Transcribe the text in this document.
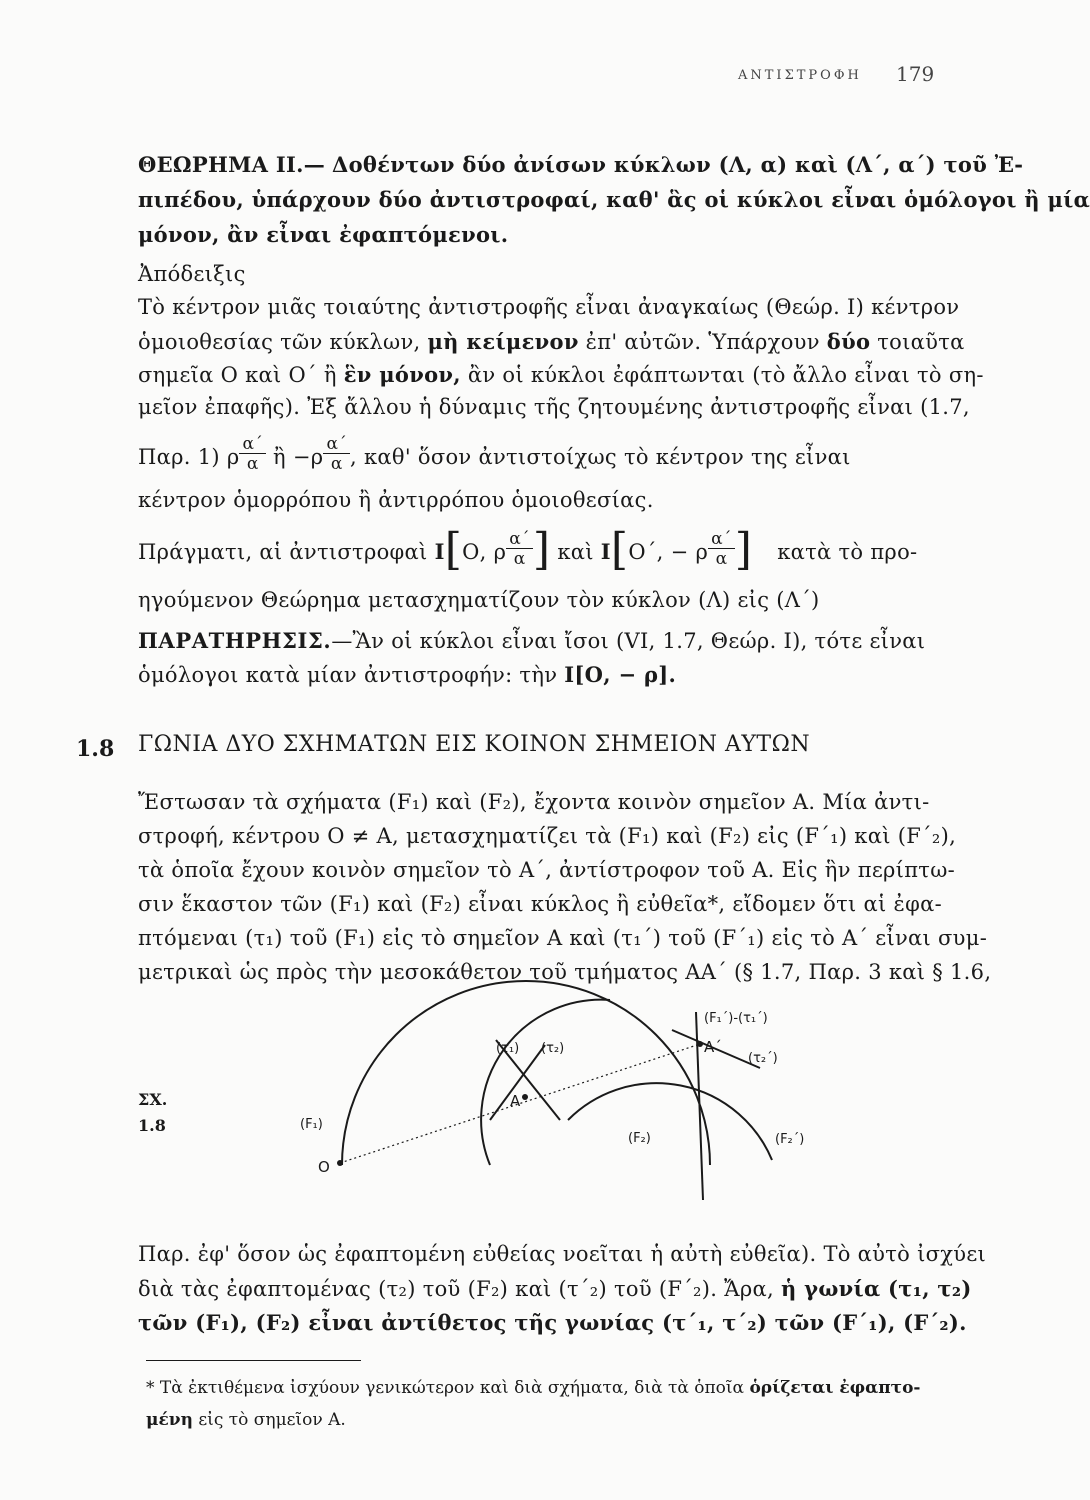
ΑΝΤΙΣΤΡΟΦΗ 179
ΘΕΩΡΗΜΑ ΙΙ.— Δοθέντων δύο ἀνίσων κύκλων (Λ, α) καὶ (Λ΄, α΄) τοῦ Ἐ-
πιπέδου, ὑπάρχουν δύο ἀντιστροφαί, καθ' ἃς οἱ κύκλοι εἶναι ὁμόλογοι ἢ μία
μόνον, ἂν εἶναι ἐφαπτόμενοι.
Ἀπόδειξις
Τὸ κέντρον μιᾶς τοιαύτης ἀντιστροφῆς εἶναι ἀναγκαίως (Θεώρ. Ι) κέντρον
ὁμοιοθεσίας τῶν κύκλων, μὴ κείμενον ἐπ' αὐτῶν. Ὑπάρχουν δύο τοιαῦτα
σημεῖα Ο καὶ Ο΄ ἢ ἓν μόνον, ἂν οἱ κύκλοι ἐφάπτωνται (τὸ ἄλλο εἶναι τὸ ση-
μεῖον ἐπαφῆς). Ἐξ ἄλλου ἡ δύναμις τῆς ζητουμένης ἀντιστροφῆς εἶναι (1.7,
Παρ. 1) ρ $\frac{\alpha΄}{\alpha}$ ἢ $-\rho \frac{\alpha΄}{\alpha}$ , καθ' ὅσον ἀντιστοίχως τὸ κέντρον της εἶναι
κέντρον ὁμορρόπου ἢ ἀντιρρόπου ὁμοιοθεσίας.
Πράγματι, αἱ ἀντιστροφαὶ Ι[Ο, ρ $\frac{\alpha΄}{\alpha}$ ] καὶ Ι[Ο΄, − ρ $\frac{\alpha΄}{\alpha}$ ] κατὰ τὸ προ-
ηγούμενον Θεώρημα μετασχηματίζουν τὸν κύκλον (Λ) εἰς (Λ΄)
ΠΑΡΑΤΗΡΗΣΙΣ.—Ἂν οἱ κύκλοι εἶναι ἴσοι (VI, 1.7, Θεώρ. Ι), τότε εἶναι
ὁμόλογοι κατὰ μίαν ἀντιστροφήν: τὴν Ι[Ο, − ρ].
1.8 ΓΩΝΙΑ ΔΥΟ ΣΧΗΜΑΤΩΝ ΕΙΣ ΚΟΙΝΟΝ ΣΗΜΕΙΟΝ ΑΥΤΩΝ
Ἔστωσαν τὰ σχήματα (F₁) καὶ (F₂), ἔχοντα κοινὸν σημεῖον Α. Μία ἀντι-
στροφή, κέντρου Ο ≠ Α, μετασχηματίζει τὰ (F₁) καὶ (F₂) εἰς (F΄₁) καὶ (F΄₂),
τὰ ὁποῖα ἔχουν κοινὸν σημεῖον τὸ Α΄, ἀντίστροφον τοῦ Α. Εἰς ἣν περίπτω-
σιν ἕκαστον τῶν (F₁) καὶ (F₂) εἶναι κύκλος ἢ εὐθεῖα*, εἴδομεν ὅτι αἱ ἐφα-
πτόμεναι (τ₁) τοῦ (F₁) εἰς τὸ σημεῖον Α καὶ (τ₁΄) τοῦ (F΄₁) εἰς τὸ Α΄ εἶναι συμ-
μετρικαὶ ὡς πρὸς τὴν μεσοκάθετον τοῦ τμήματος ΑΑ΄ (§ 1.7, Παρ. 3 καὶ § 1.6,
ΣΧ.
1.8
O
A
A΄
(F₁)
(F₂)	(F₂΄)
(τ₁) (τ₂)
(τ₂΄)
(F₁΄)-(τ₁΄)
Παρ. ἐφ' ὅσον ὡς ἐφαπτομένη εὐθείας νοεῖται ἡ αὐτὴ εὐθεῖα). Τὸ αὐτὸ ἰσχύει
διὰ τὰς ἐφαπτομένας (τ₂) τοῦ (F₂) καὶ (τ΄₂) τοῦ (F΄₂). Ἄρα, ἡ γωνία (τ₁, τ₂)
τῶν (F₁), (F₂) εἶναι ἀντίθετος τῆς γωνίας (τ΄₁, τ΄₂) τῶν (F΄₁), (F΄₂).
* Τὰ ἐκτιθέμενα ἰσχύουν γενικώτερον καὶ διὰ σχήματα, διὰ τὰ ὁποῖα ὁρίζεται ἐφαπτο-
μένη εἰς τὸ σημεῖον Α.
